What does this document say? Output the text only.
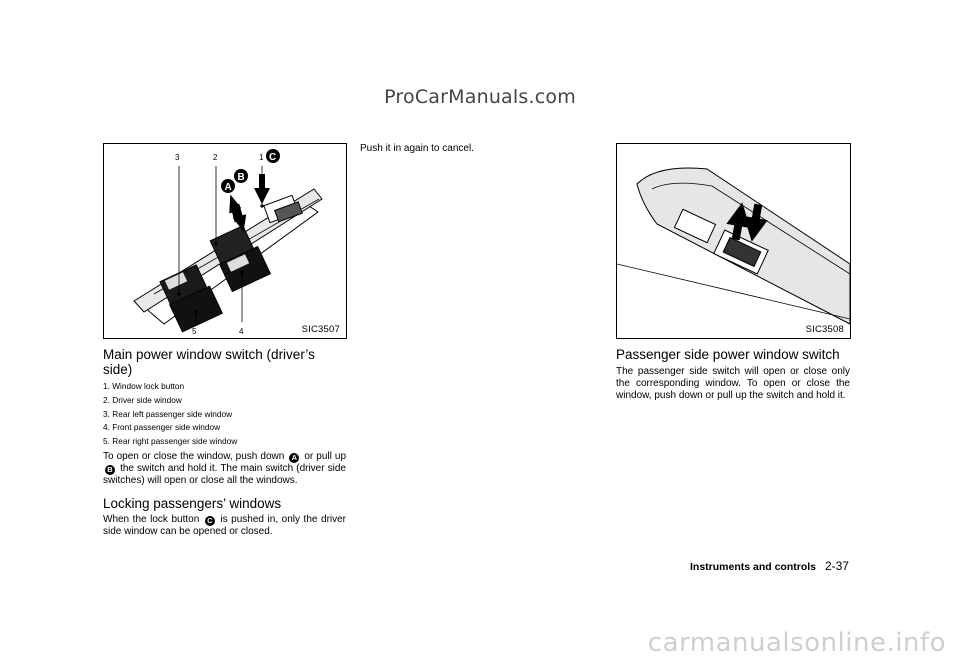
ProCarManuals.com
3	2	1
5	4
A
B
C
SIC3507
Main power window switch (driver’s side)
1. Window lock button
2. Driver side window
3. Rear left passenger side window
4. Front passenger side window
5. Rear right passenger side window

To open or close the window, push down A or pull up B the switch and hold it. The main switch (driver side switches) will open or close all the windows.

Locking passengers’ windows

When the lock button C is pushed in, only the driver side window can be opened or closed.

Push it in again to cancel.

SIC3508
Passenger side power window switch

The passenger side switch will open or close only the corresponding window. To open or close the window, push down or pull up the switch and hold it.

Instruments and controls 2-37
carmanualsonline.info
